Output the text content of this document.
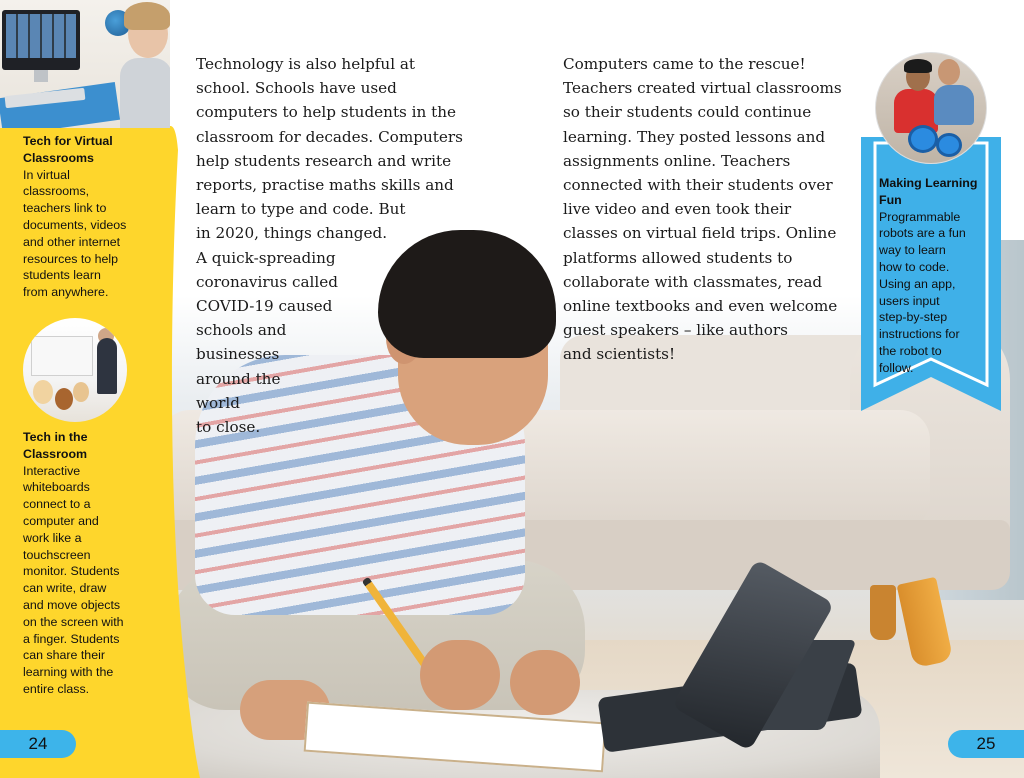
Tech for Virtual Classrooms
In virtual
classrooms,
teachers link to
documents, videos
and other internet
resources to help
students learn
from anywhere.
Tech in the Classroom
Interactive
whiteboards
connect to a
computer and
work like a
touchscreen
monitor. Students
can write, draw
and move objects
on the screen with
a finger. Students
can share their
learning with the
entire class.
24
Technology is also helpful at
school. Schools have used
computers to help students in the
classroom for decades. Computers
help students research and write
reports, practise maths skills and
learn to type and code. But
in 2020, things changed.
A quick-spreading
coronavirus called
COVID-19 caused
schools and
businesses
around the
world
to close.
Computers came to the rescue!
Teachers created virtual classrooms
so their students could continue
learning. They posted lessons and
assignments online. Teachers
connected with their students over
live video and even took their
classes on virtual field trips. Online
platforms allowed students to
collaborate with classmates, read
online textbooks and even welcome
guest speakers – like authors
and scientists!
Making Learning Fun
Programmable
robots are a fun
way to learn
how to code.
Using an app,
users input
step-by-step
instructions for
the robot to
follow.
25
